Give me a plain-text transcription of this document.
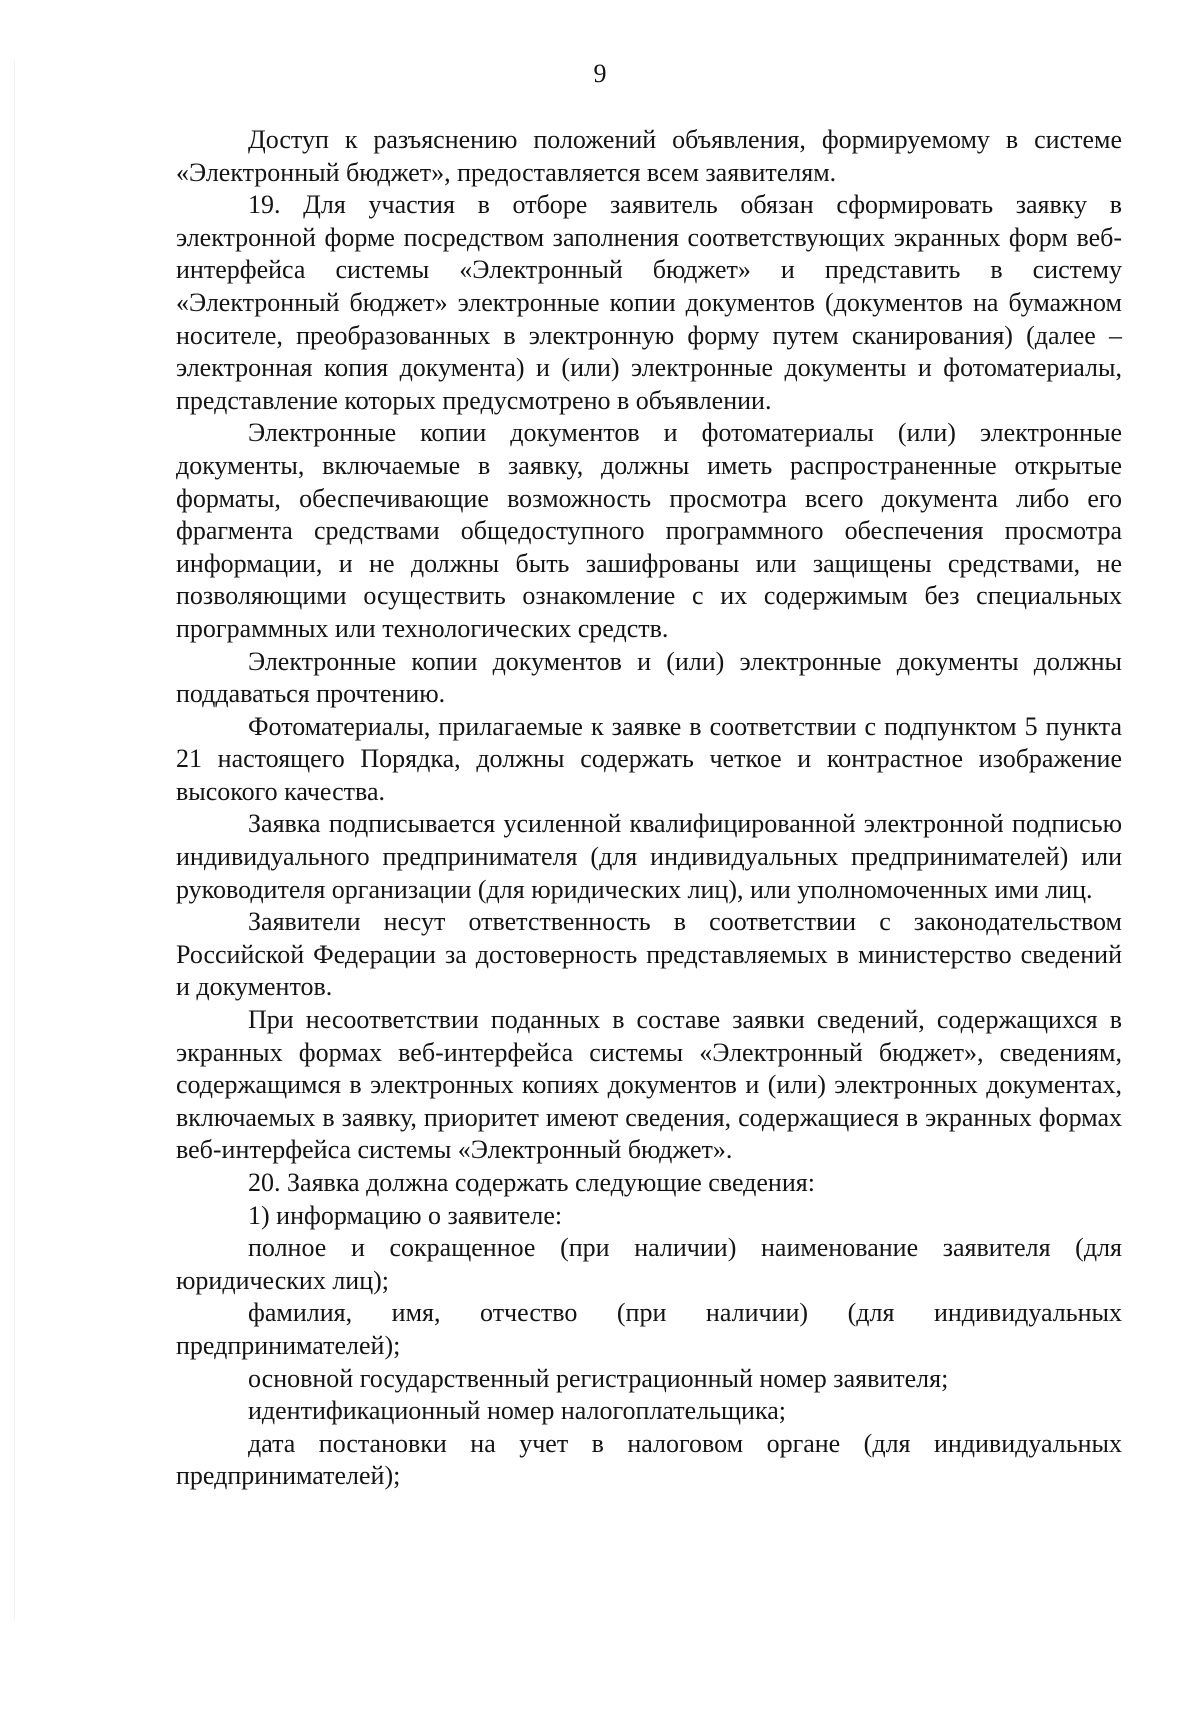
9

Доступ к разъяснению положений объявления, формируемому в системе «Электронный бюджет», предоставляется всем заявителям.

19. Для участия в отборе заявитель обязан сформировать заявку в электронной форме посредством заполнения соответствующих экранных форм веб-интерфейса системы «Электронный бюджет» и представить в систему «Электронный бюджет» электронные копии документов (документов на бумажном носителе, преобразованных в электронную форму путем сканирования) (далее – электронная копия документа) и (или) электронные документы и фотоматериалы, представление которых предусмотрено в объявлении.

Электронные копии документов и фотоматериалы (или) электронные документы, включаемые в заявку, должны иметь распространенные открытые форматы, обеспечивающие возможность просмотра всего документа либо его фрагмента средствами общедоступного программного обеспечения просмотра информации, и не должны быть зашифрованы или защищены средствами, не позволяющими осуществить ознакомление с их содержимым без специальных программных или технологических средств.

Электронные копии документов и (или) электронные документы должны поддаваться прочтению.

Фотоматериалы, прилагаемые к заявке в соответствии с подпунктом 5 пункта 21 настоящего Порядка, должны содержать четкое и контрастное изображение высокого качества.

Заявка подписывается усиленной квалифицированной электронной подписью индивидуального предпринимателя (для индивидуальных предпринимателей) или руководителя организации (для юридических лиц), или уполномоченных ими лиц.

Заявители несут ответственность в соответствии с законодательством Российской Федерации за достоверность представляемых в министерство сведений и документов.

При несоответствии поданных в составе заявки сведений, содержащихся в экранных формах веб-интерфейса системы «Электронный бюджет», сведениям, содержащимся в электронных копиях документов и (или) электронных документах, включаемых в заявку, приоритет имеют сведения, содержащиеся в экранных формах веб-интерфейса системы «Электронный бюджет».

20. Заявка должна содержать следующие сведения:

1) информацию о заявителе:

полное и сокращенное (при наличии) наименование заявителя (для юридических лиц);

фамилия, имя, отчество (при наличии) (для индивидуальных предпринимателей);

основной государственный регистрационный номер заявителя;

идентификационный номер налогоплательщика;

дата постановки на учет в налоговом органе (для индивидуальных предпринимателей);
